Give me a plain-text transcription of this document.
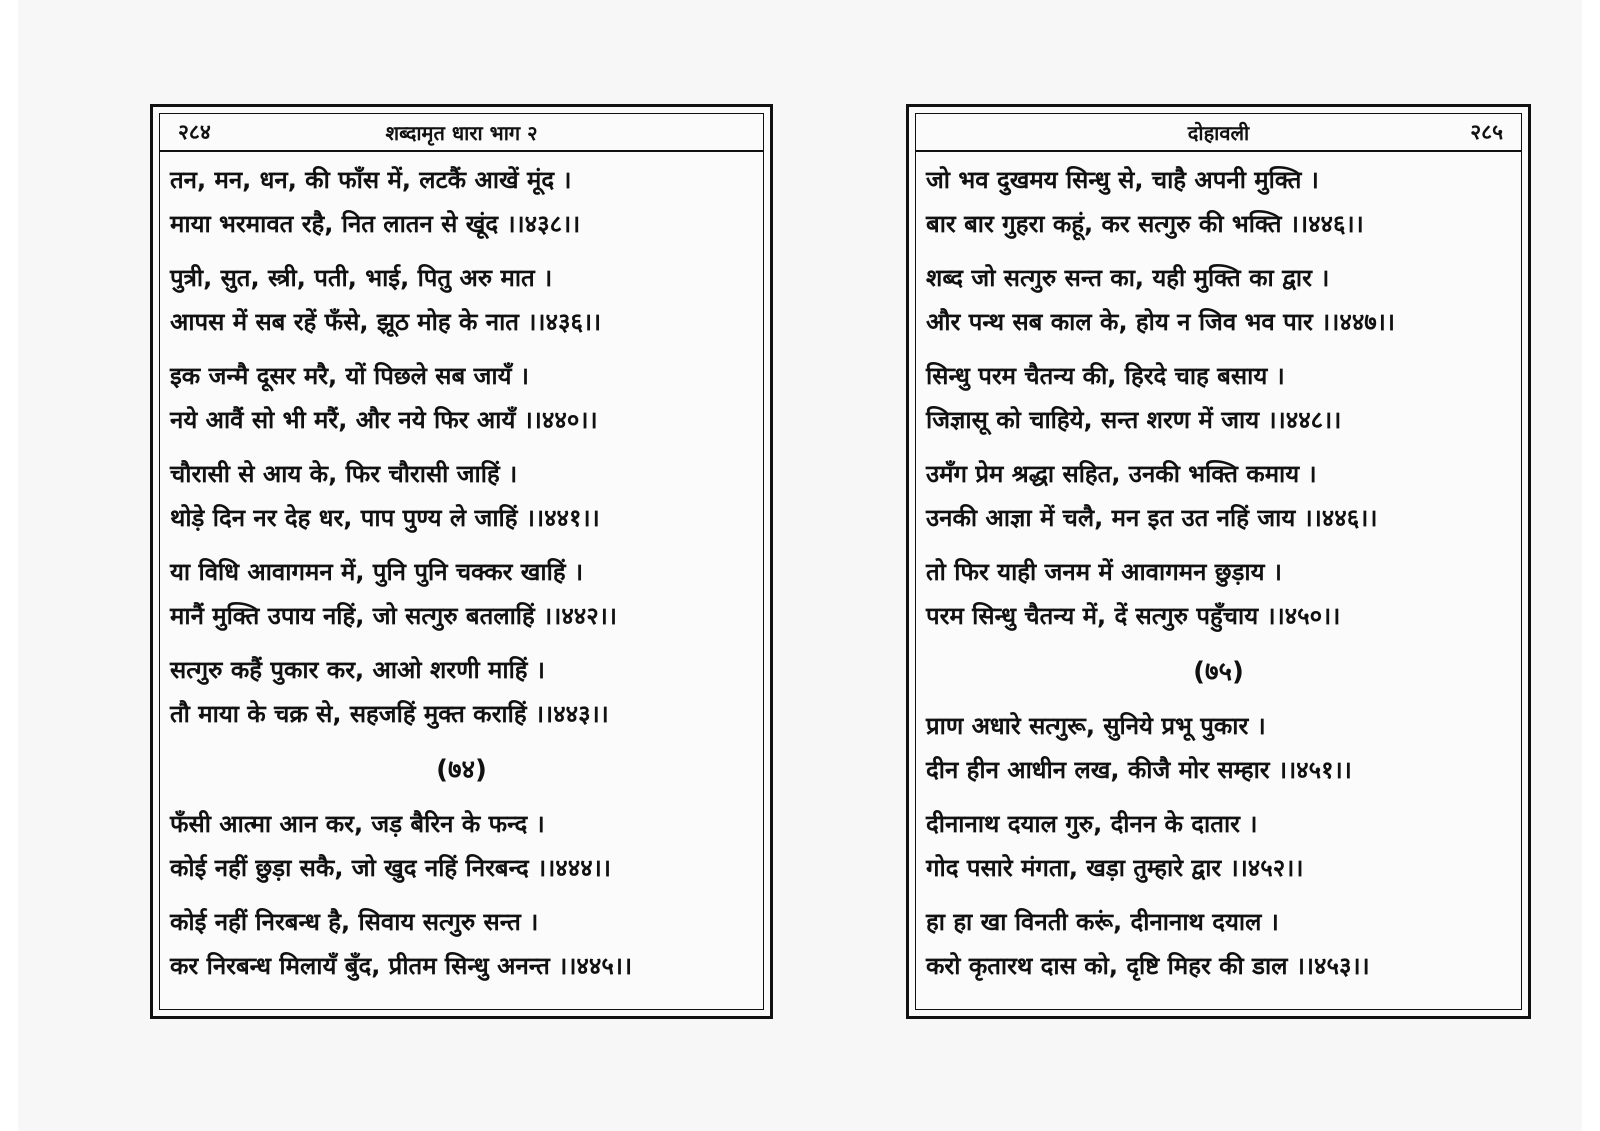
२८४	शब्दामृत धारा भाग २
तन, मन, धन, की फाँस में, लटकैं आखें मूंद ।
माया भरमावत रहै, नित लातन से खूंद ।।४३८।।
पुत्री, सुत, स्त्री, पती, भाई, पितु अरु मात ।
आपस में सब रहें फँसे, झूठ मोह के नात ।।४३६।।
इक जन्मै दूसर मरै, यों पिछले सब जायँ ।
नये आवैं सो भी मरैं, और नये फिर आयँ ।।४४०।।
चौरासी से आय के, फिर चौरासी जाहिं ।
थोड़े दिन नर देह धर, पाप पुण्य ले जाहिं ।।४४१।।
या विधि आवागमन में, पुनि पुनि चक्कर खाहिं ।
मानैं मुक्ति उपाय नहिं, जो सत्गुरु बतलाहिं ।।४४२।।
सत्गुरु कहैं पुकार कर, आओ शरणी माहिं ।
तौ माया के चक्र से, सहजहिं मुक्त कराहिं ।।४४३।।
(७४)
फँसी आत्मा आन कर, जड़ बैरिन के फन्द ।
कोई नहीं छुड़ा सकै, जो खुद नहिं निरबन्द ।।४४४।।
कोई नहीं निरबन्ध है, सिवाय सत्गुरु सन्त ।
कर निरबन्ध मिलायँ बुँद, प्रीतम सिन्धु अनन्त ।।४४५।।
दोहावली	२८५
जो भव दुखमय सिन्धु से, चाहै अपनी मुक्ति ।
बार बार गुहरा कहूं, कर सत्गुरु की भक्ति ।।४४६।।
शब्द जो सत्गुरु सन्त का, यही मुक्ति का द्वार ।
और पन्थ सब काल के, होय न जिव भव पार ।।४४७।।
सिन्धु परम चैतन्य की, हिरदे चाह बसाय ।
जिज्ञासू को चाहिये, सन्त शरण में जाय ।।४४८।।
उमँग प्रेम श्रद्धा सहित, उनकी भक्ति कमाय ।
उनकी आज्ञा में चलै, मन इत उत नहिं जाय ।।४४६।।
तो फिर याही जनम में आवागमन छुड़ाय ।
परम सिन्धु चैतन्य में, दें सत्गुरु पहुँचाय ।।४५०।।
(७५)
प्राण अधारे सत्गुरू, सुनिये प्रभू पुकार ।
दीन हीन आधीन लख, कीजै मोर सम्हार ।।४५१।।
दीनानाथ दयाल गुरु, दीनन के दातार ।
गोद पसारे मंगता, खड़ा तुम्हारे द्वार ।।४५२।।
हा हा खा विनती करूं, दीनानाथ दयाल ।
करो कृतारथ दास को, दृष्टि मिहर की डाल ।।४५३।।
